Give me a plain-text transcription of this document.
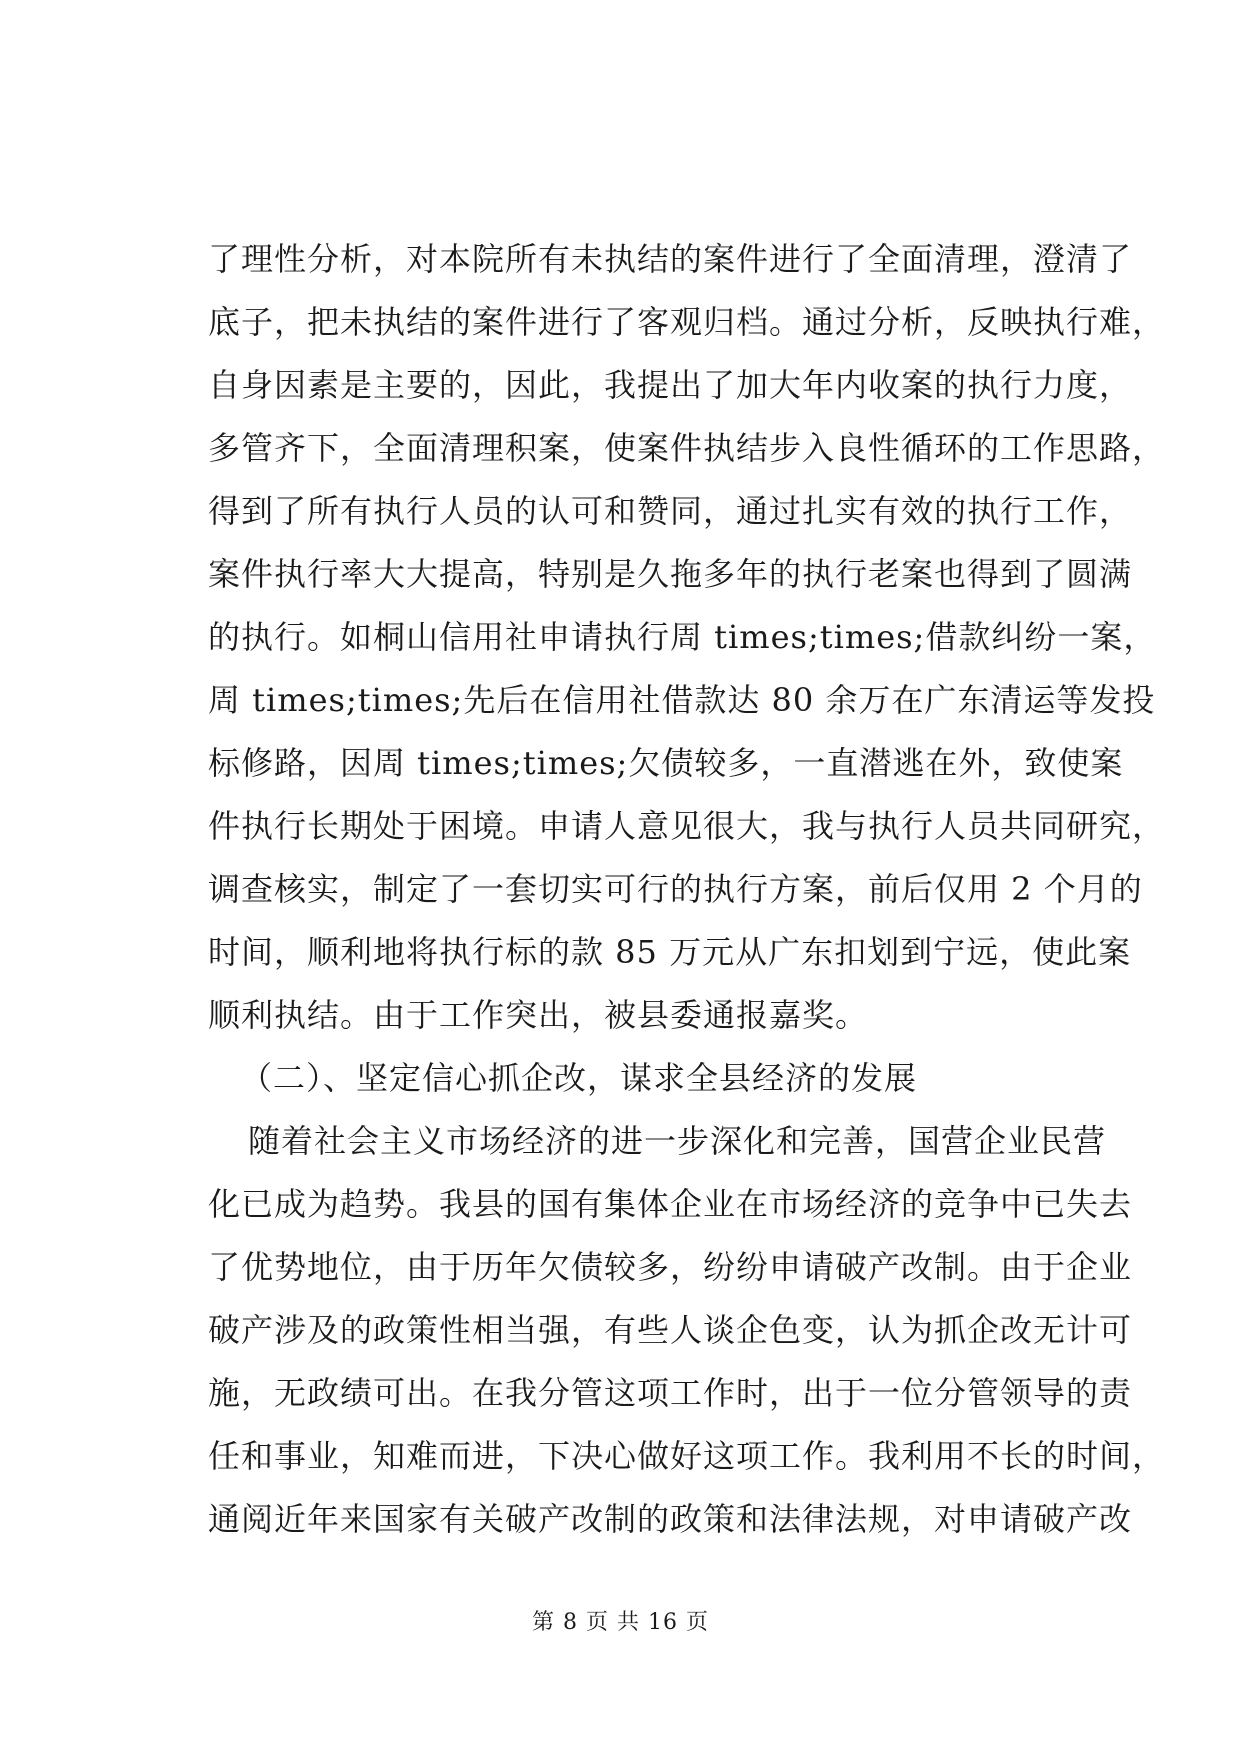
了理性分析，对本院所有未执结的案件进行了全面清理，澄清了
底子，把未执结的案件进行了客观归档。通过分析，反映执行难，
自身因素是主要的，因此，我提出了加大年内收案的执行力度，
多管齐下，全面清理积案，使案件执结步入良性循环的工作思路，
得到了所有执行人员的认可和赞同，通过扎实有效的执行工作，
案件执行率大大提高，特别是久拖多年的执行老案也得到了圆满
的执行。如桐山信用社申请执行周 times;times;借款纠纷一案，
周 times;times;先后在信用社借款达 80 余万在广东清运等发投
标修路，因周 times;times;欠债较多，一直潜逃在外，致使案
件执行长期处于困境。申请人意见很大，我与执行人员共同研究，
调查核实，制定了一套切实可行的执行方案，前后仅用 2 个月的
时间，顺利地将执行标的款 85 万元从广东扣划到宁远，使此案
顺利执结。由于工作突出，被县委通报嘉奖。
（二）、坚定信心抓企改，谋求全县经济的发展
随着社会主义市场经济的进一步深化和完善，国营企业民营
化已成为趋势。我县的国有集体企业在市场经济的竞争中已失去
了优势地位，由于历年欠债较多，纷纷申请破产改制。由于企业
破产涉及的政策性相当强，有些人谈企色变，认为抓企改无计可
施，无政绩可出。在我分管这项工作时，出于一位分管领导的责
任和事业，知难而进，下决心做好这项工作。我利用不长的时间，
通阅近年来国家有关破产改制的政策和法律法规，对申请破产改
第 8 页 共 16 页
